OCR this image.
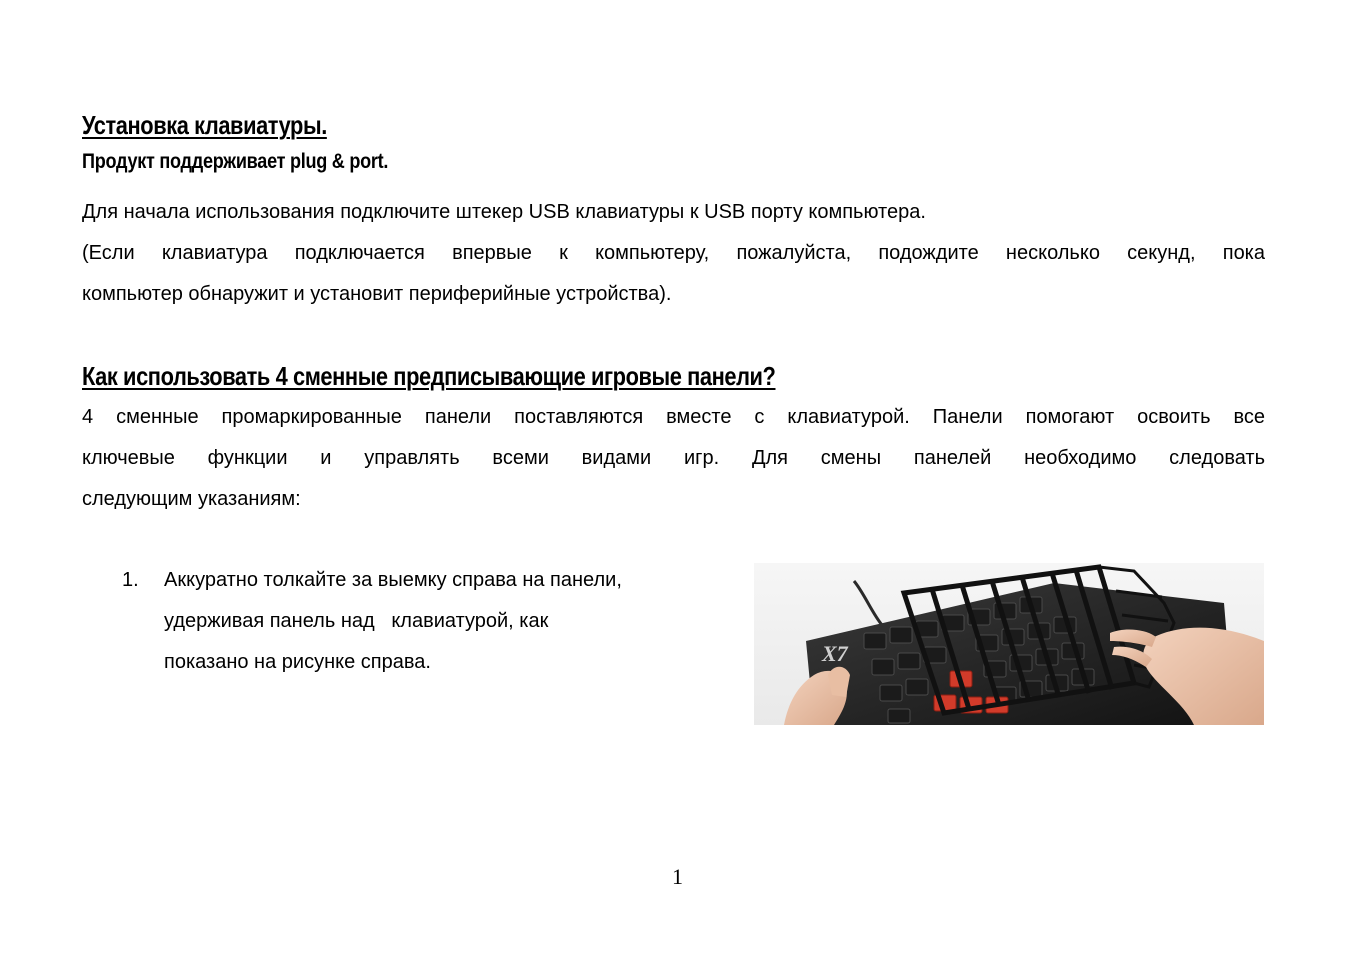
Установка клавиатуры.
Продукт поддерживает plug & port.
Для начала использования подключите штекер USB клавиатуры к USB порту компьютера.
(Если клавиатура подключается впервые к компьютеру, пожалуйста, подождите несколько секунд, пока
компьютер обнаружит и установит периферийные устройства).
Как использовать 4 сменные предписывающие игровые панели?
4 сменные промаркированные панели поставляются вместе с клавиатурой. Панели помогают освоить все
ключевые функции и управлять всеми видами игр. Для смены панелей необходимо следовать
следующим указаниям:
1. Аккуратно толкайте за выемку справа на панели,
удерживая панель над   клавиатурой, как
показано на рисунке справа.	X7
1
